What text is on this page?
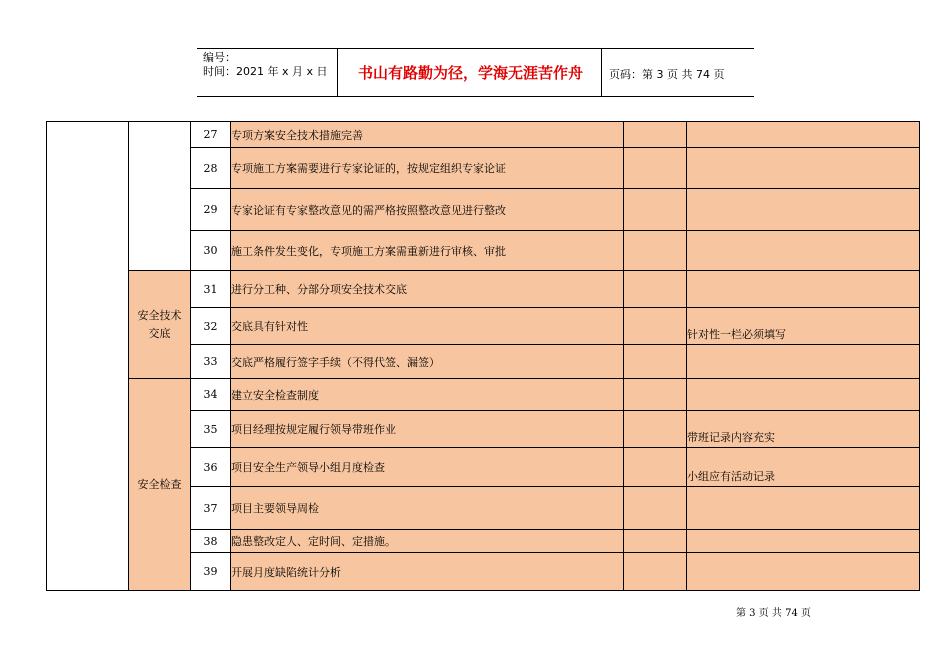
编号：
时间：2021 年 x 月 x 日	书山有路勤为径，学海无涯苦作舟	页码：第 3 页 共 74 页
		27	专项方案安全技术措施完善		
		28	专项施工方案需要进行专家论证的，按规定组织专家论证		
		29	专家论证有专家整改意见的需严格按照整改意见进行整改		
		30	施工条件发生变化，专项施工方案需重新进行审核、审批		

	安全技术交底	31	进行分工种、分部分项安全技术交底		
		32	交底具有针对性		针对性一栏必须填写
		33	交底严格履行签字手续（不得代签、漏签）		

	安全检查	34	建立安全检查制度		
		35	项目经理按规定履行领导带班作业		带班记录内容充实
		36	项目安全生产领导小组月度检查		小组应有活动记录
		37	项目主要领导周检		
		38	隐患整改定人、定时间、定措施。		
		39	开展月度缺陷统计分析		
第 3 页 共 74 页
